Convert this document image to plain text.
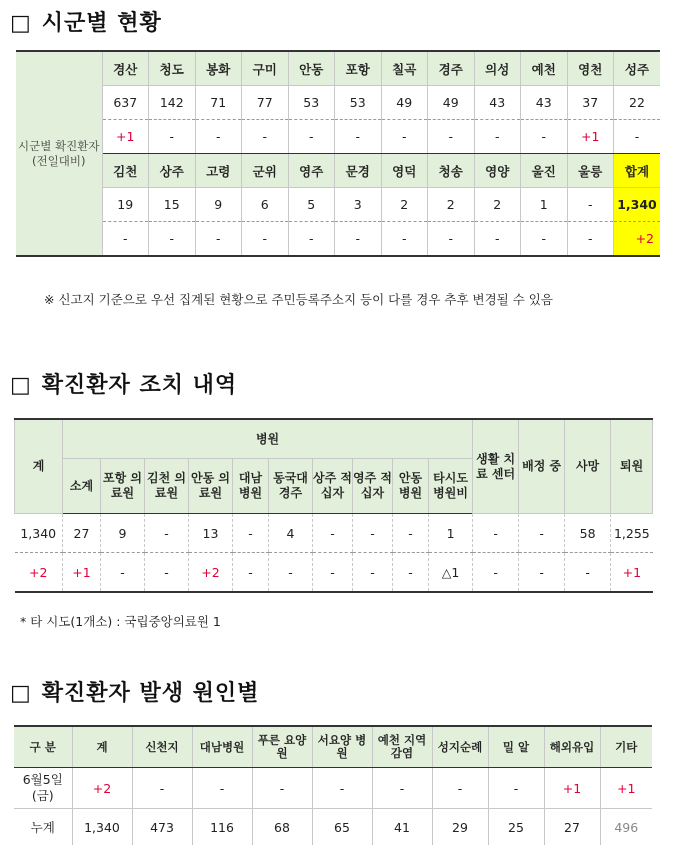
□ 시군별 현황
시군별 확진환자 (전일대비)	경산	청도	봉화	구미	안동	포항	칠곡	경주	의성	예천	영천	성주
	637	142	71	77	53	53	49	49	43	43	37	22
	+1	-	-	-	-	-	-	-	-	-	+1	-
	김천	상주	고령	군위	영주	문경	영덕	청송	영양	울진	울릉	합계
	19	15	9	6	5	3	2	2	2	1	-	1,340
	-	-	-	-	-	-	-	-	-	-	-	+2
※ 신고지 기준으로 우선 집계된 현황으로 주민등록주소지 등이 다를 경우 추후 변경될 수 있음
□ 확진환자 조치 내역
계	병원										생활 치료 센터	배정 중	사망	퇴원
	소계	포항 의료원	김천 의료원	안동 의료원	대남 병원	동국대 경주	상주 적십자	영주 적십자	안동 병원	타시도 병원비				
1,340	27	9	-	13	-	4	-	-	-	1	-	-	58	1,255
+2	+1	-	-	+2	-	-	-	-	-	△1	-	-	-	+1
* 타 시도(1개소) : 국립중앙의료원 1
□ 확진환자 발생 원인별
구 분	계	신천지	대남병원	푸른 요양원	서요양 병원	예천 지역감염	성지순례	밀 알	해외유입	기타
6월5일 (금)	+2	-	-	-	-	-	-	-	+1	+1
누계	1,340	473	116	68	65	41	29	25	27	496
